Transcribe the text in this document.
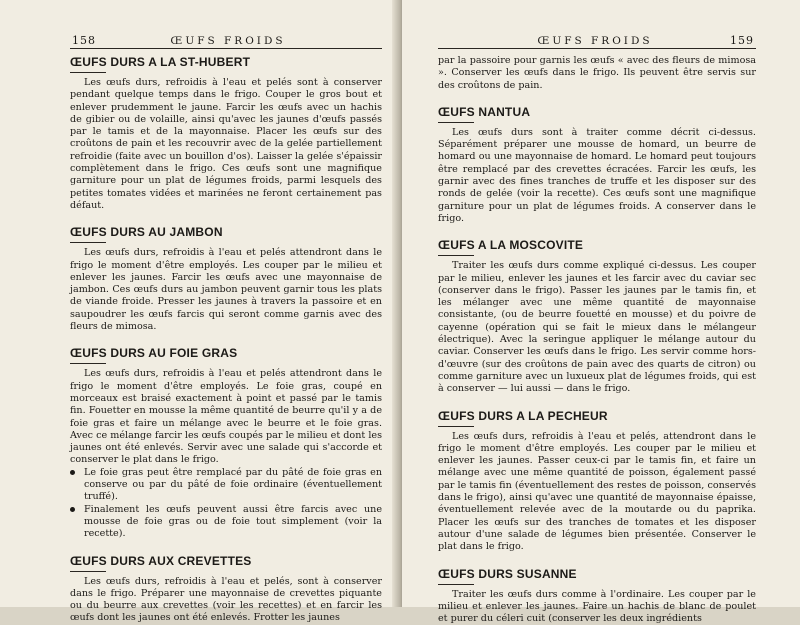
158	ŒUFS FROIDS
ŒUFS DURS A LA ST-HUBERT

Les œufs durs, refroidis à l'eau et pelés sont à conserver pendant quelque temps dans le frigo. Couper le gros bout et enlever prudemment le jaune. Farcir les œufs avec un hachis de gibier ou de volaille, ainsi qu'avec les jaunes d'œufs passés par le tamis et de la mayonnaise. Placer les œufs sur des croûtons de pain et les recouvrir avec de la gelée partiellement refroidie (faite avec un bouillon d'os). Laisser la gelée s'épaissir complètement dans le frigo. Ces œufs sont une magnifique garniture pour un plat de légumes froids, parmi lesquels des petites tomates vidées et marinées ne feront certainement pas défaut.

ŒUFS DURS AU JAMBON

Les œufs durs, refroidis à l'eau et pelés attendront dans le frigo le moment d'être employés. Les couper par le milieu et enlever les jaunes. Farcir les œufs avec une mayonnaise de jambon. Ces œufs durs au jambon peuvent garnir tous les plats de viande froide. Presser les jaunes à travers la passoire et en saupoudrer les œufs farcis qui seront comme garnis avec des fleurs de mimosa.

ŒUFS DURS AU FOIE GRAS

Les œufs durs, refroidis à l'eau et pelés attendront dans le frigo le moment d'être employés. Le foie gras, coupé en morceaux est braisé exactement à point et passé par le tamis fin. Fouetter en mousse la même quantité de beurre qu'il y a de foie gras et faire un mélange avec le beurre et le foie gras. Avec ce mélange farcir les œufs coupés par le milieu et dont les jaunes ont été enlevés. Servir avec une salade qui s'accorde et conserver le plat dans le frigo.

Le foie gras peut être remplacé par du pâté de foie gras en conserve ou par du pâté de foie ordinaire (éventuellement truffé).
Finalement les œufs peuvent aussi être farcis avec une mousse de foie gras ou de foie tout simplement (voir la recette).
ŒUFS DURS AUX CREVETTES

Les œufs durs, refroidis à l'eau et pelés, sont à conserver dans le frigo. Préparer une mayonnaise de crevettes piquante ou du beurre aux crevettes (voir les recettes) et en farcir les œufs dont les jaunes ont été enlevés. Frotter les jaunes

ŒUFS FROIDS	159

par la passoire pour garnis les œufs « avec des fleurs de mimosa ». Conserver les œufs dans le frigo. Ils peuvent être servis sur des croûtons de pain.

ŒUFS NANTUA

Les œufs durs sont à traiter comme décrit ci-dessus. Séparément préparer une mousse de homard, un beurre de homard ou une mayonnaise de homard. Le homard peut toujours être remplacé par des crevettes écracées. Farcir les œufs, les garnir avec des fines tranches de truffe et les disposer sur des ronds de gelée (voir la recette). Ces œufs sont une magnifique garniture pour un plat de légumes froids. A conserver dans le frigo.

ŒUFS A LA MOSCOVITE

Traiter les œufs durs comme expliqué ci-dessus. Les couper par le milieu, enlever les jaunes et les farcir avec du caviar sec (conserver dans le frigo). Passer les jaunes par le tamis fin, et les mélanger avec une même quantité de mayonnaise consistante, (ou de beurre fouetté en mousse) et du poivre de cayenne (opération qui se fait le mieux dans le mélangeur électrique). Avec la seringue appliquer le mélange autour du caviar. Conserver les œufs dans le frigo. Les servir comme hors-d'œuvre (sur des croûtons de pain avec des quarts de citron) ou comme garniture avec un luxueux plat de légumes froids, qui est à conserver — lui aussi — dans le frigo.

ŒUFS DURS A LA PECHEUR

Les œufs durs, refroidis à l'eau et pelés, attendront dans le frigo le moment d'être employés. Les couper par le milieu et enlever les jaunes. Passer ceux-ci par le tamis fin, et faire un mélange avec une même quantité de poisson, également passé par le tamis fin (éventuellement des restes de poisson, conservés dans le frigo), ainsi qu'avec une quantité de mayonnaise épaisse, éventuellement relevée avec de la moutarde ou du paprika. Placer les œufs sur des tranches de tomates et les disposer autour d'une salade de légumes bien présentée. Conserver le plat dans le frigo.

ŒUFS DURS SUSANNE

Traiter les œufs durs comme à l'ordinaire. Les couper par le milieu et enlever les jaunes. Faire un hachis de blanc de poulet et purer du céleri cuit (conserver les deux ingrédients
